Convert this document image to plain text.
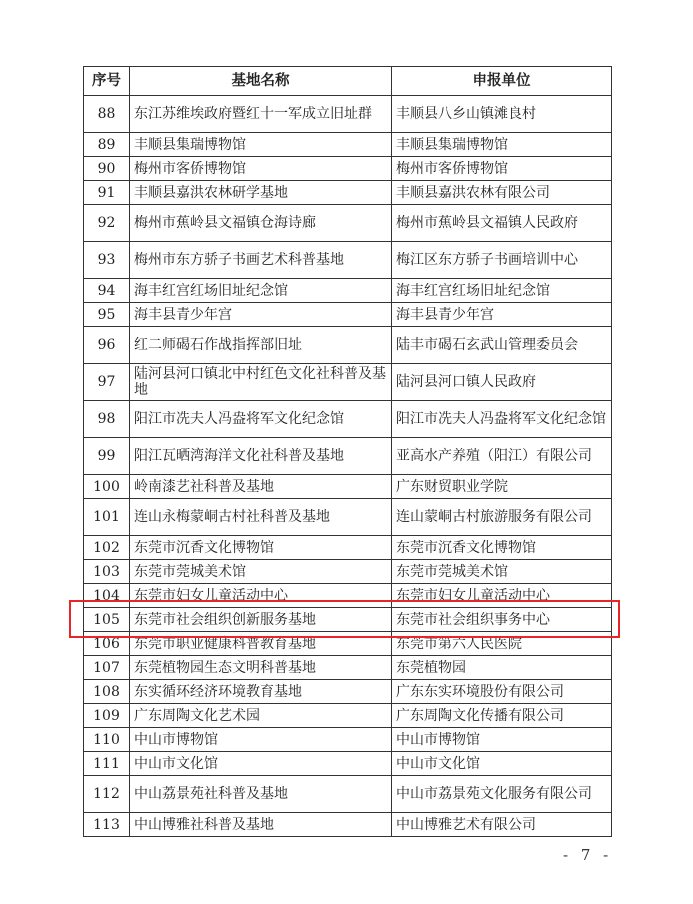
序号	基地名称	申报单位
88	东江苏维埃政府暨红十一军成立旧址群	丰顺县八乡山镇滩良村
89	丰顺县集瑞博物馆	丰顺县集瑞博物馆
90	梅州市客侨博物馆	梅州市客侨博物馆
91	丰顺县嘉洪农林研学基地	丰顺县嘉洪农林有限公司
92	梅州市蕉岭县文福镇仓海诗廊	梅州市蕉岭县文福镇人民政府
93	梅州市东方骄子书画艺术科普基地	梅江区东方骄子书画培训中心
94	海丰红宫红场旧址纪念馆	海丰红宫红场旧址纪念馆
95	海丰县青少年宫	海丰县青少年宫
96	红二师碣石作战指挥部旧址	陆丰市碣石玄武山管理委员会
97	陆河县河口镇北中村红色文化社科普及基地	陆河县河口镇人民政府
98	阳江市冼夫人冯盎将军文化纪念馆	阳江市冼夫人冯盎将军文化纪念馆
99	阳江瓦晒湾海洋文化社科普及基地	亚高水产养殖（阳江）有限公司
100	岭南漆艺社科普及基地	广东财贸职业学院
101	连山永梅蒙峒古村社科普及基地	连山蒙峒古村旅游服务有限公司
102	东莞市沉香文化博物馆	东莞市沉香文化博物馆
103	东莞市莞城美术馆	东莞市莞城美术馆
104	东莞市妇女儿童活动中心	东莞市妇女儿童活动中心
105	东莞市社会组织创新服务基地	东莞市社会组织事务中心
106	东莞市职业健康科普教育基地	东莞市第六人民医院
107	东莞植物园生态文明科普基地	东莞植物园
108	东实循环经济环境教育基地	广东东实环境股份有限公司
109	广东周陶文化艺术园	广东周陶文化传播有限公司
110	中山市博物馆	中山市博物馆
111	中山市文化馆	中山市文化馆
112	中山荔景苑社科普及基地	中山市荔景苑文化服务有限公司
113	中山博雅社科普及基地	中山博雅艺术有限公司
- 7 -
